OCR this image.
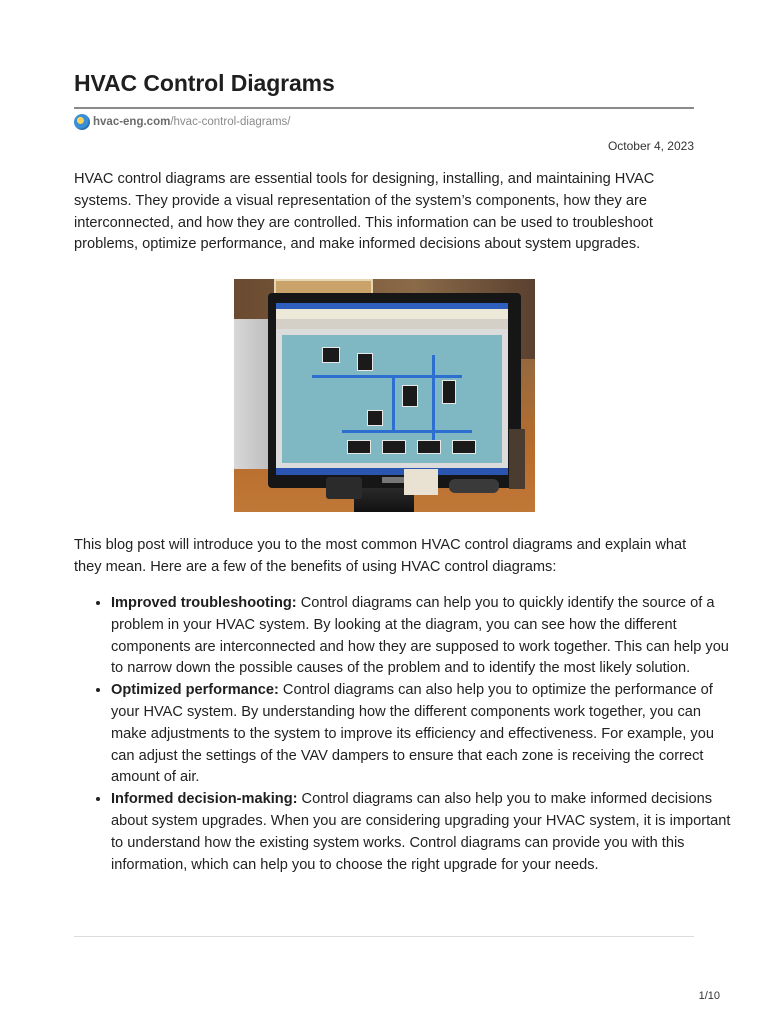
HVAC Control Diagrams
hvac-eng.com /hvac-control-diagrams/
October 4, 2023

HVAC control diagrams are essential tools for designing, installing, and maintaining HVAC systems. They provide a visual representation of the system’s components, how they are interconnected, and how they are controlled. This information can be used to troubleshoot problems, optimize performance, and make informed decisions about system upgrades.

This blog post will introduce you to the most common HVAC control diagrams and explain what they mean. Here are a few of the benefits of using HVAC control diagrams:

• Improved troubleshooting: Control diagrams can help you to quickly identify the source of a problem in your HVAC system. By looking at the diagram, you can see how the different components are interconnected and how they are supposed to work together. This can help you to narrow down the possible causes of the problem and to identify the most likely solution.
• Optimized performance: Control diagrams can also help you to optimize the performance of your HVAC system. By understanding how the different components work together, you can make adjustments to the system to improve its efficiency and effectiveness. For example, you can adjust the settings of the VAV dampers to ensure that each zone is receiving the correct amount of air.
• Informed decision-making: Control diagrams can also help you to make informed decisions about system upgrades. When you are considering upgrading your HVAC system, it is important to understand how the existing system works. Control diagrams can provide you with this information, which can help you to choose the right upgrade for your needs.
1/10
